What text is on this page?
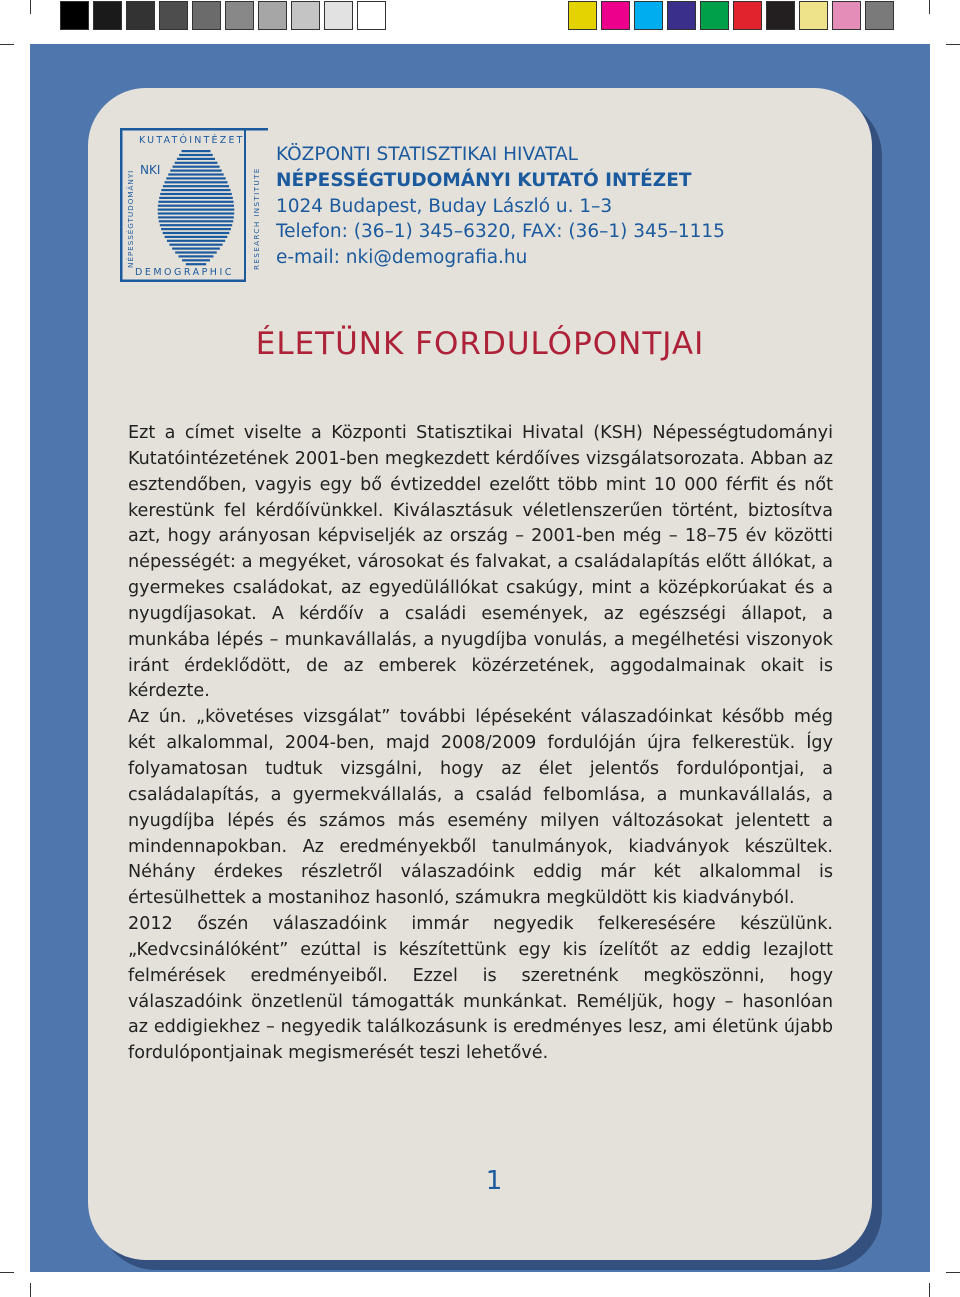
KUTATÓINTÉZET
DEMOGRAPHIC
NÉPESSÉGTUDOMÁNYI	RESEARCH INSTITUTE
NKI
KÖZPONTI STATISZTIKAI HIVATAL
NÉPESSÉGTUDOMÁNYI KUTATÓ INTÉZET
1024 Budapest, Buday László u. 1–3
Telefon: (36–1) 345–6320, FAX: (36–1) 345–1115
e-mail: nki@demografia.hu
ÉLETÜNK FORDULÓPONTJAI

Ezt a címet viselte a Központi Statisztikai Hivatal (KSH) Népességtudományi Kutatóintézetének 2001-ben megkezdett kérdőíves vizsgálatsorozata. Abban az esztendőben, vagyis egy bő évtizeddel ezelőtt több mint 10 000 férfit és nőt kerestünk fel kérdőívünkkel. Kiválasztásuk véletlenszerűen történt, biztosítva azt, hogy arányosan képviseljék az ország – 2001-ben még – 18–75 év közötti népességét: a megyéket, városokat és falvakat, a családalapítás előtt állókat, a gyermekes családokat, az egyedülállókat csakúgy, mint a középkorúakat és a nyugdíjasokat. A kérdőív a családi események, az egészségi állapot, a munkába lépés – munkavállalás, a nyugdíjba vonulás, a megélhetési viszonyok iránt érdeklődött, de az emberek közérzetének, aggodalmainak okait is kérdezte.

Az ún. „követéses vizsgálat” további lépéseként válaszadóinkat később még két alkalommal, 2004-ben, majd 2008/2009 fordulóján újra felkerestük. Így folyamatosan tudtuk vizsgálni, hogy az élet jelentős fordulópontjai, a családalapítás, a gyermekvállalás, a család felbomlása, a munkavállalás, a nyugdíjba lépés és számos más esemény milyen változásokat jelentett a mindennapokban. Az eredményekből tanulmányok, kiadványok készültek. Néhány érdekes részletről válaszadóink eddig már két alkalommal is értesülhettek a mostanihoz hasonló, számukra megküldött kis kiadványból.

2012 őszén válaszadóink immár negyedik felkeresésére készülünk. „Kedvcsinálóként” ezúttal is készítettünk egy kis ízelítőt az eddig lezajlott felmérések eredményeiből. Ezzel is szeretnénk megköszönni, hogy válaszadóink önzetlenül támogatták munkánkat. Reméljük, hogy – hasonlóan az eddigiekhez – negyedik találkozásunk is eredményes lesz, ami életünk újabb fordulópontjainak megismerését teszi lehetővé.

1
